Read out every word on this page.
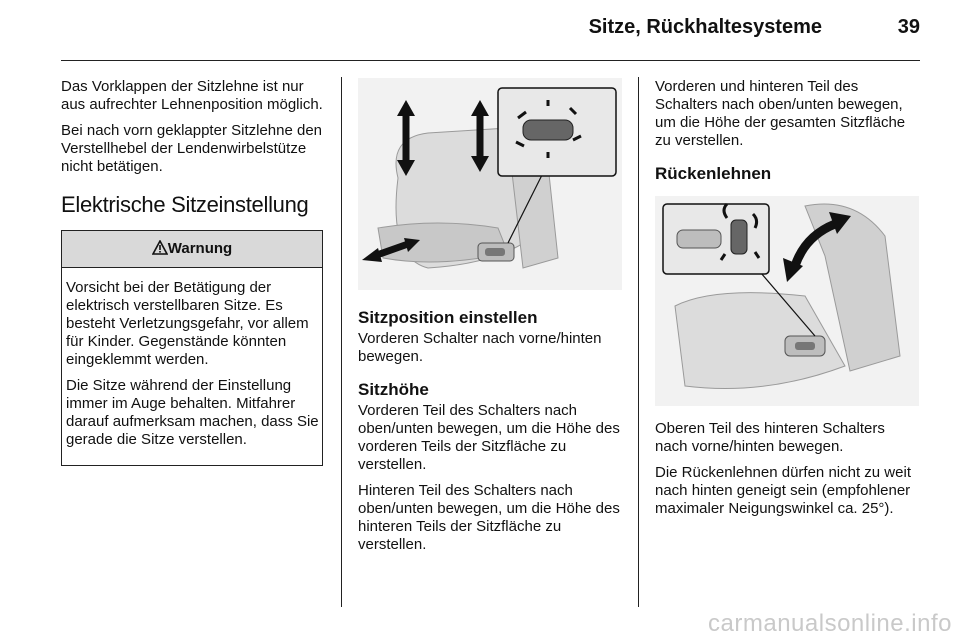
Sitze, Rückhaltesysteme	39

Das Vorklappen der Sitzlehne ist nur aus aufrechter Lehnenposition möglich.

Bei nach vorn geklappter Sitzlehne den Verstellhebel der Lendenwirbelstütze nicht betätigen.

Elektrische Sitzeinstellung
Warnung

Vorsicht bei der Betätigung der elektrisch verstellbaren Sitze. Es besteht Verletzungsgefahr, vor allem für Kinder. Gegenstände könnten eingeklemmt werden.

Die Sitze während der Einstellung immer im Auge behalten. Mitfahrer darauf aufmerksam machen, dass Sie gerade die Sitze verstellen.

Sitzposition einstellen

Vorderen Schalter nach vorne/hinten bewegen.

Sitzhöhe

Vorderen Teil des Schalters nach oben/unten bewegen, um die Höhe des vorderen Teils der Sitzfläche zu verstellen.

Hinteren Teil des Schalters nach oben/unten bewegen, um die Höhe des hinteren Teils der Sitzfläche zu verstellen.

Vorderen und hinteren Teil des Schalters nach oben/unten bewegen, um die Höhe der gesamten Sitzfläche zu verstellen.

Rückenlehnen

Oberen Teil des hinteren Schalters nach vorne/hinten bewegen.

Die Rückenlehnen dürfen nicht zu weit nach hinten geneigt sein (empfohlener maximaler Neigungswinkel ca. 25°).

carmanualsonline.info
